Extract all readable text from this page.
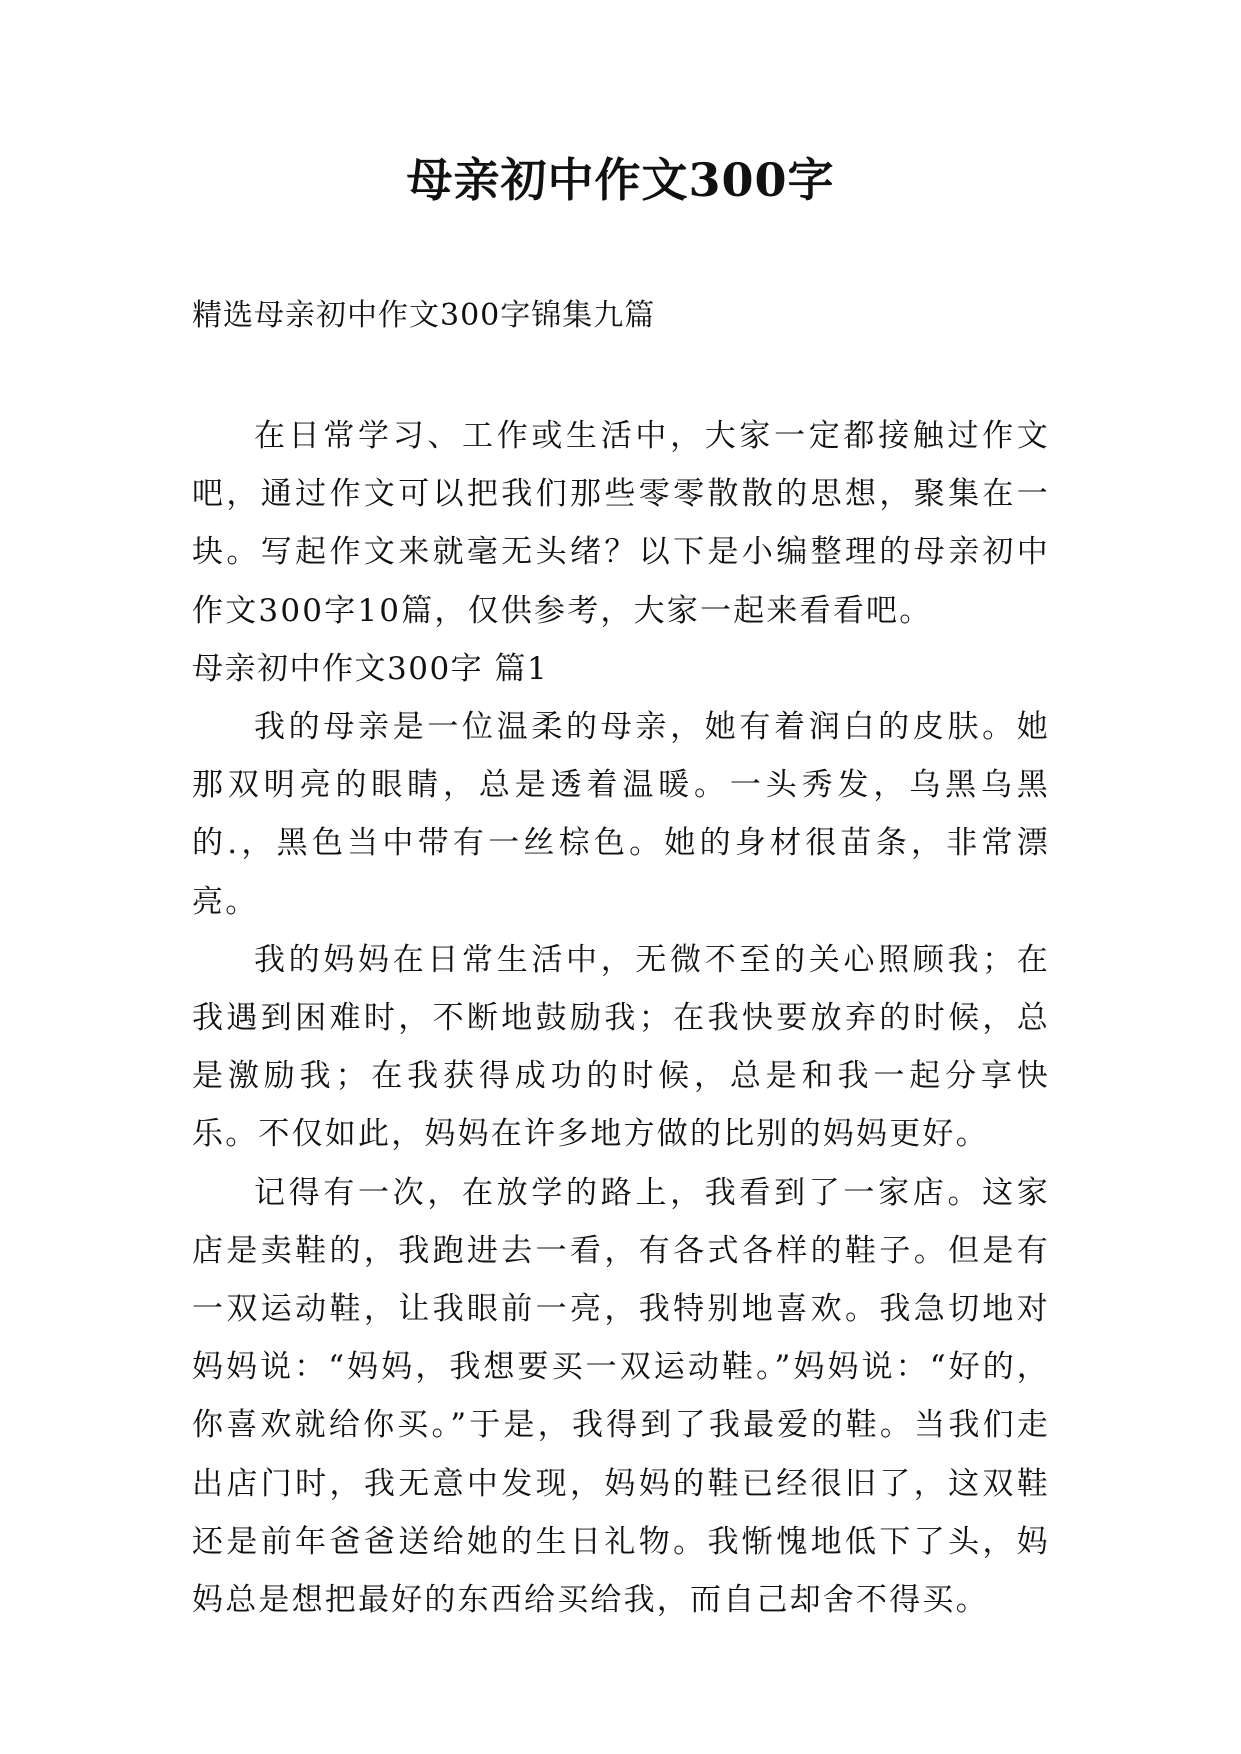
母亲初中作文300字
精选母亲初中作文300字锦集九篇

在日常学习、工作或生活中，大家一定都接触过作文吧，通过作文可以把我们那些零零散散的思想，聚集在一块。写起作文来就毫无头绪？以下是小编整理的母亲初中作文300字10篇，仅供参考，大家一起来看看吧。

母亲初中作文300字 篇1

我的母亲是一位温柔的母亲，她有着润白的皮肤。她那双明亮的眼睛，总是透着温暖。一头秀发，乌黑乌黑的.，黑色当中带有一丝棕色。她的身材很苗条，非常漂亮。

我的妈妈在日常生活中，无微不至的关心照顾我；在我遇到困难时，不断地鼓励我；在我快要放弃的时候，总是激励我；在我获得成功的时候，总是和我一起分享快乐。不仅如此，妈妈在许多地方做的比别的妈妈更好。

记得有一次，在放学的路上，我看到了一家店。这家店是卖鞋的，我跑进去一看，有各式各样的鞋子。但是有一双运动鞋，让我眼前一亮，我特别地喜欢。我急切地对妈妈说：“妈妈，我想要买一双运动鞋。”妈妈说：“好的，你喜欢就给你买。”于是，我得到了我最爱的鞋。当我们走出店门时，我无意中发现，妈妈的鞋已经很旧了，这双鞋还是前年爸爸送给她的生日礼物。我惭愧地低下了头，妈妈总是想把最好的东西给买给我，而自己却舍不得买。
